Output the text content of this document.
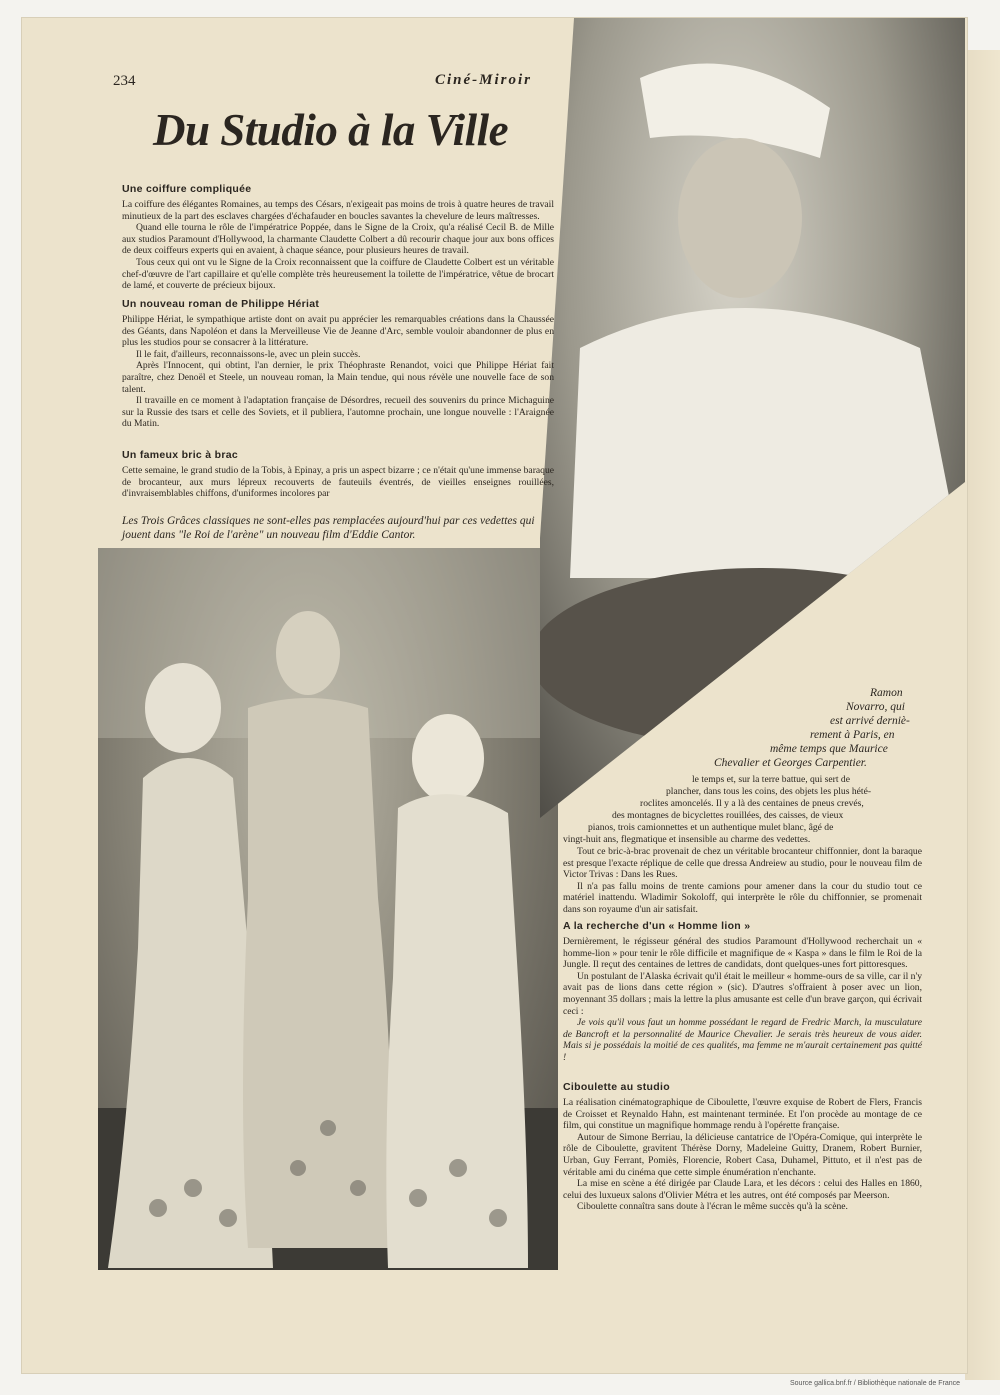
234	Ciné-Miroir
Du Studio à la Ville
Une coiffure compliquée

La coiffure des élégantes Romaines, au temps des Césars, n'exigeait pas moins de trois à quatre heures de travail minutieux de la part des esclaves chargées d'échafauder en boucles savantes la chevelure de leurs maîtresses.

Quand elle tourna le rôle de l'impératrice Poppée, dans le Signe de la Croix, qu'a réalisé Cecil B. de Mille aux studios Paramount d'Hollywood, la charmante Claudette Colbert a dû recourir chaque jour aux bons offices de deux coiffeurs experts qui en avaient, à chaque séance, pour plusieurs heures de travail.

Tous ceux qui ont vu le Signe de la Croix reconnaissent que la coiffure de Claudette Colbert est un véritable chef-d'œuvre de l'art capillaire et qu'elle complète très heureusement la toilette de l'impératrice, vêtue de brocart de lamé, et couverte de précieux bijoux.

Un nouveau roman de Philippe Hériat

Philippe Hériat, le sympathique artiste dont on avait pu apprécier les remarquables créations dans la Chaussée des Géants, dans Napoléon et dans la Merveilleuse Vie de Jeanne d'Arc, semble vouloir abandonner de plus en plus les studios pour se consacrer à la littérature.

Il le fait, d'ailleurs, reconnaissons-le, avec un plein succès.

Après l'Innocent, qui obtint, l'an dernier, le prix Théophraste Renandot, voici que Philippe Hériat fait paraître, chez Denoël et Steele, un nouveau roman, la Main tendue, qui nous révèle une nouvelle face de son talent.

Il travaille en ce moment à l'adaptation française de Désordres, recueil des souvenirs du prince Michaguine sur la Russie des tsars et celle des Soviets, et il publiera, l'automne prochain, une longue nouvelle : l'Araignée du Matin.

Un fameux bric à brac

Cette semaine, le grand studio de la Tobis, à Epinay, a pris un aspect bizarre ; ce n'était qu'une immense baraque de brocanteur, aux murs lépreux recouverts de fauteuils éventrés, de vieilles enseignes rouillées, d'invraisemblables chiffons, d'uniformes incolores par

Les Trois Grâces classiques ne sont-elles pas remplacées aujourd'hui par ces vedettes qui jouent dans "le Roi de l'arène" un nouveau film d'Eddie Cantor.
Ramon
Novarro, qui
est arrivé derniè-
rement à Paris, en
même temps que Maurice
Chevalier et Georges Carpentier.
le temps et, sur la terre battue, qui sert de
plancher, dans tous les coins, des objets les plus hété-
roclites amoncelés. Il y a là des centaines de pneus crevés,
des montagnes de bicyclettes rouillées, des caisses, de vieux
pianos, trois camionnettes et un authentique mulet blanc, âgé de
vingt-huit ans, flegmatique et insensible au charme des vedettes.

Tout ce bric-à-brac provenait de chez un véritable brocanteur chiffonnier, dont la baraque est presque l'exacte réplique de celle que dressa Andreiew au studio, pour le nouveau film de Victor Trivas : Dans les Rues.

Il n'a pas fallu moins de trente camions pour amener dans la cour du studio tout ce matériel inattendu. Wladimir Sokoloff, qui interprète le rôle du chiffonnier, se promenait dans son royaume d'un air satisfait.

A la recherche d'un « Homme lion »

Dernièrement, le régisseur général des studios Paramount d'Hollywood recherchait un « homme-lion » pour tenir le rôle difficile et magnifique de « Kaspa » dans le film le Roi de la Jungle. Il reçut des centaines de lettres de candidats, dont quelques-unes fort pittoresques.

Un postulant de l'Alaska écrivait qu'il était le meilleur « homme-ours de sa ville, car il n'y avait pas de lions dans cette région » (sic). D'autres s'offraient à poser avec un lion, moyennant 35 dollars ; mais la lettre la plus amusante est celle d'un brave garçon, qui écrivait ceci :

Je vois qu'il vous faut un homme possédant le regard de Fredric March, la musculature de Bancroft et la personnalité de Maurice Chevalier. Je serais très heureux de vous aider. Mais si je possédais la moitié de ces qualités, ma femme ne m'aurait certainement pas quitté !

Ciboulette au studio

La réalisation cinématographique de Ciboulette, l'œuvre exquise de Robert de Flers, Francis de Croisset et Reynaldo Hahn, est maintenant terminée. Et l'on procède au montage de ce film, qui constitue un magnifique hommage rendu à l'opérette française.

Autour de Simone Berriau, la délicieuse cantatrice de l'Opéra-Comique, qui interprète le rôle de Ciboulette, gravitent Thérèse Dorny, Madeleine Guitty, Dranem, Robert Burnier, Urban, Guy Ferrant, Pomiès, Florencie, Robert Casa, Duhamel, Pittuto, et il n'est pas de véritable ami du cinéma que cette simple énumération n'enchante.

La mise en scène a été dirigée par Claude Lara, et les décors : celui des Halles en 1860, celui des luxueux salons d'Olivier Métra et les autres, ont été composés par Meerson.

Ciboulette connaîtra sans doute à l'écran le même succès qu'à la scène.

Source gallica.bnf.fr / Bibliothèque nationale de France
